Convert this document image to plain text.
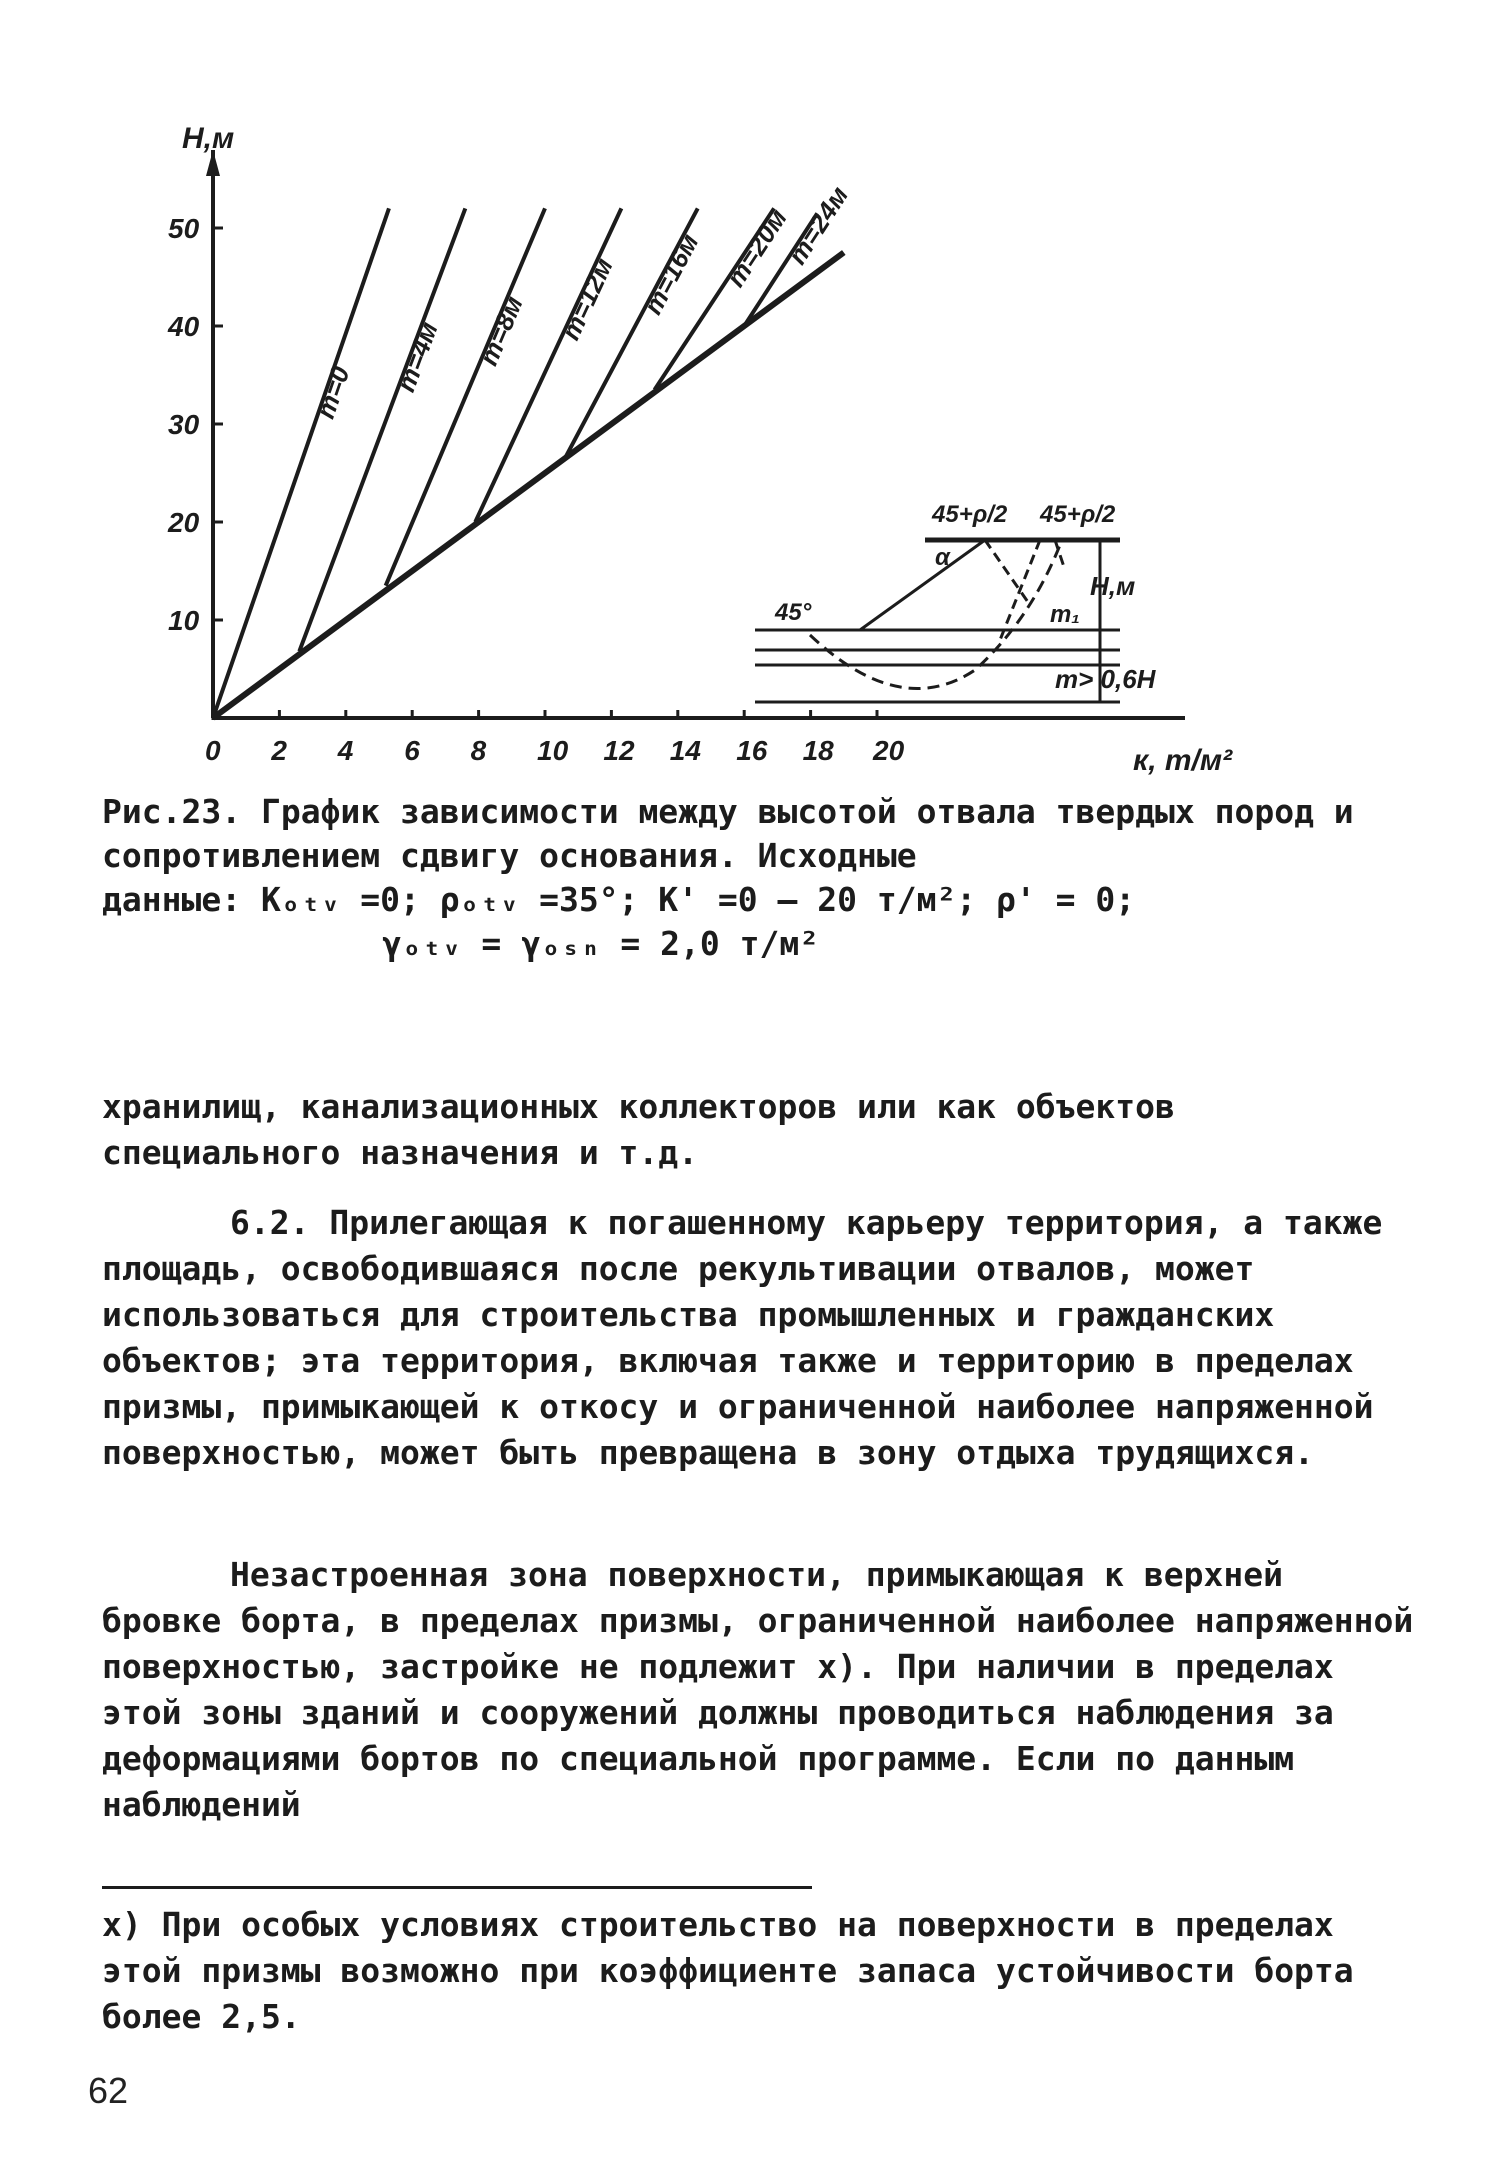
Н,м
к, т/м²
0 2 4 6 8 10 12 14 16 18 20
10
20
30
40
50
m=0 m=4м m=8м m=12м m=16м m=20м
m=24м
45°
45+ρ/2 45+ρ/2
α
Н,м
m₁
m> 0,6Н
Рис.23. График зависимости между высотой отвала твердых пород и сопротивлением сдвигу основания. Исходные
данные: Кₒₜᵥ =0; ρₒₜᵥ =35°; К' =0 – 20 т/м²; ρ' = 0;
γₒₜᵥ = γₒₛₙ = 2,0 т/м²

хранилищ, канализационных коллекторов или как объектов специального назначения и т.д.

6.2. Прилегающая к погашенному карьеру территория, а также площадь, освободившаяся после рекультивации отвалов, может использоваться для строительства промышленных и гражданских объектов; эта территория, включая также и территорию в пределах призмы, примыкающей к откосу и ограниченной наиболее напряженной поверхностью, может быть превращена в зону отдыха трудящихся.

Незастроенная зона поверхности, примыкающая к верхней бровке борта, в пределах призмы, ограниченной наиболее напряженной поверхностью, застройке не подлежит х). При наличии в пределах этой зоны зданий и сооружений должны проводиться наблюдения за деформациями бортов по специальной программе. Если по данным наблюдений

х) При особых условиях строительство на поверхности в пределах этой призмы возможно при коэффициенте запаса устойчивости борта более 2,5.

62
